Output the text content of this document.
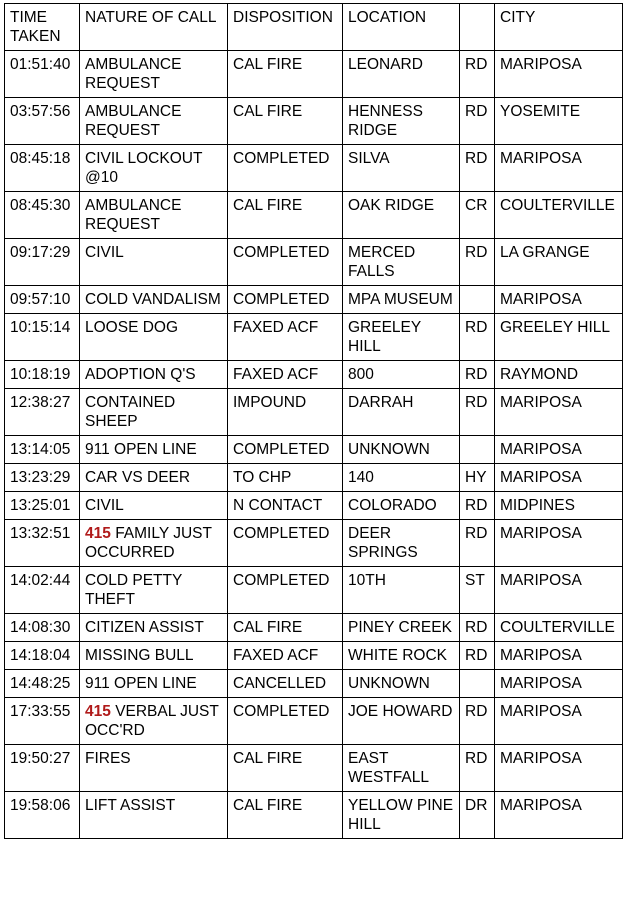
TIME TAKEN	NATURE OF CALL	DISPOSITION	LOCATION		CITY
01:51:40	AMBULANCE REQUEST	CAL FIRE	LEONARD	RD	MARIPOSA
03:57:56	AMBULANCE REQUEST	CAL FIRE	HENNESS RIDGE	RD	YOSEMITE
08:45:18	CIVIL LOCKOUT @10	COMPLETED	SILVA	RD	MARIPOSA
08:45:30	AMBULANCE REQUEST	CAL FIRE	OAK RIDGE	CR	COULTERVILLE
09:17:29	CIVIL	COMPLETED	MERCED FALLS	RD	LA GRANGE
09:57:10	COLD VANDALISM	COMPLETED	MPA MUSEUM		MARIPOSA
10:15:14	LOOSE DOG	FAXED ACF	GREELEY HILL	RD	GREELEY HILL
10:18:19	ADOPTION Q'S	FAXED ACF	800	RD	RAYMOND
12:38:27	CONTAINED SHEEP	IMPOUND	DARRAH	RD	MARIPOSA
13:14:05	911 OPEN LINE	COMPLETED	UNKNOWN		MARIPOSA
13:23:29	CAR VS DEER	TO CHP	140	HY	MARIPOSA
13:25:01	CIVIL	N CONTACT	COLORADO	RD	MIDPINES
13:32:51	415 FAMILY JUST OCCURRED	COMPLETED	DEER SPRINGS	RD	MARIPOSA
14:02:44	COLD PETTY THEFT	COMPLETED	10TH	ST	MARIPOSA
14:08:30	CITIZEN ASSIST	CAL FIRE	PINEY CREEK	RD	COULTERVILLE
14:18:04	MISSING BULL	FAXED ACF	WHITE ROCK	RD	MARIPOSA
14:48:25	911 OPEN LINE	CANCELLED	UNKNOWN		MARIPOSA
17:33:55	415 VERBAL JUST OCC'RD	COMPLETED	JOE HOWARD	RD	MARIPOSA
19:50:27	FIRES	CAL FIRE	EAST WESTFALL	RD	MARIPOSA
19:58:06	LIFT ASSIST	CAL FIRE	YELLOW PINE HILL	DR	MARIPOSA
